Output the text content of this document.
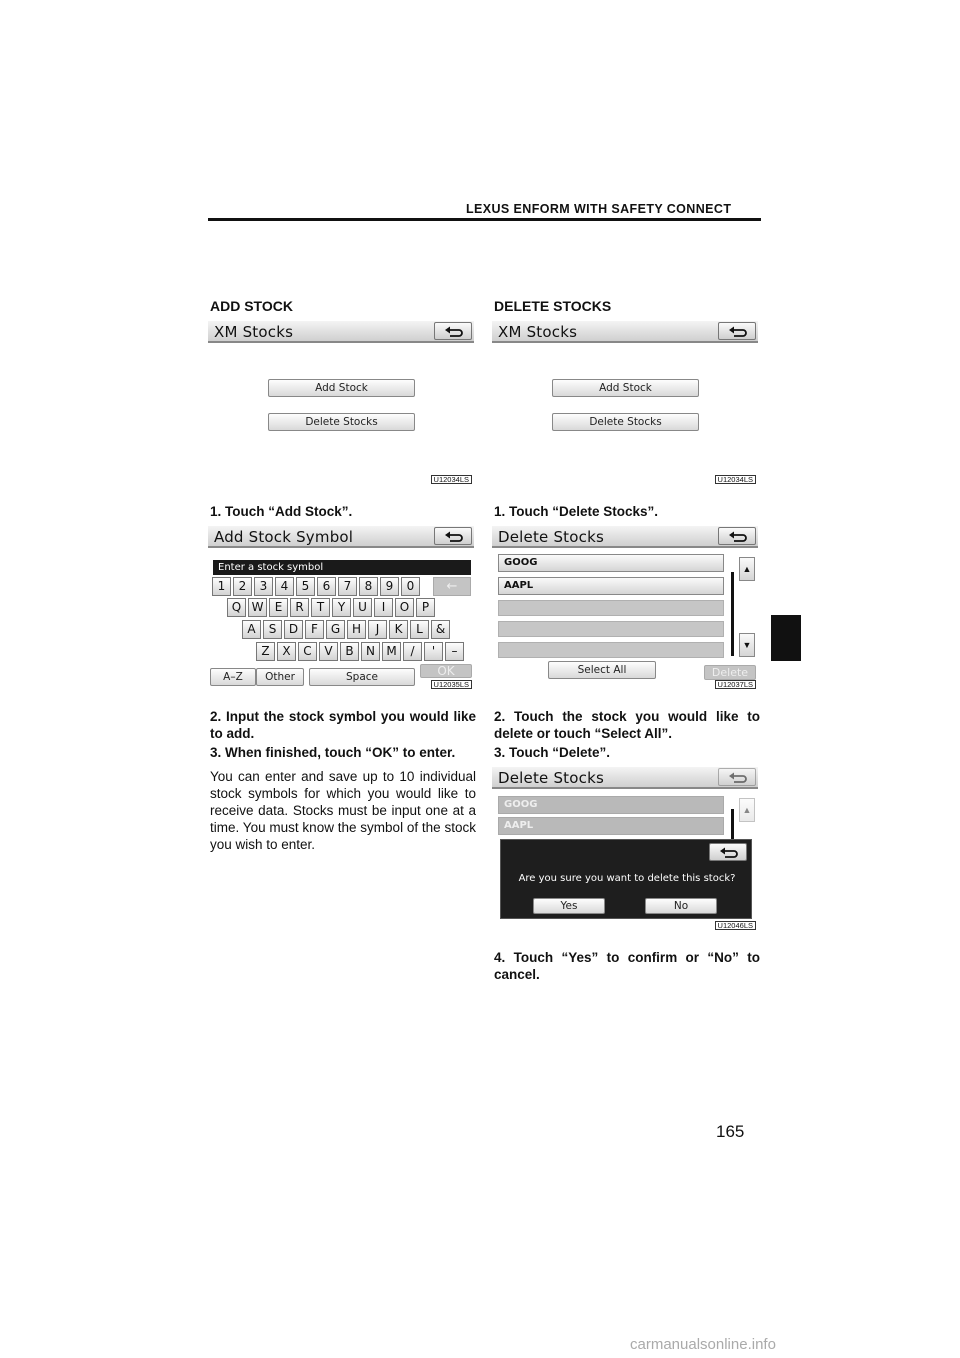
LEXUS ENFORM WITH SAFETY CONNECT
ADD STOCK
XM Stocks
Add Stock
Delete Stocks
U12034LS
1. Touch “Add Stock”.
Add Stock Symbol
Enter a stock symbol
1	2	3	4	5	6	7	8	9	0
Q W E	R	T	Y	U	I	O	P
A	S	D	F	G H	J	K	L	&
Z	X	C	V	B	N M	/	'	–
←
A–Z	Other	Space	OK
U12035LS
2. Input the stock symbol you would like to add.
3. When finished, touch “OK” to enter.
You can enter and save up to 10 individual stock symbols for which you would like to receive data. Stocks must be input one at a time. You must know the symbol of the stock you wish to enter.
DELETE STOCKS
XM Stocks
Add Stock
Delete Stocks
U12034LS
1. Touch “Delete Stocks”.
Delete Stocks
GOOG
AAPL
▲
▼
Select All	Delete
U12037LS
2. Touch the stock you would like to delete or touch “Select All”.
3. Touch “Delete”.
Delete Stocks
GOOG
AAPL
▲
Are you sure you want to delete this stock?
Yes	No
U12046LS
4. Touch “Yes” to confirm or “No” to cancel.
165
carmanualsonline.info
